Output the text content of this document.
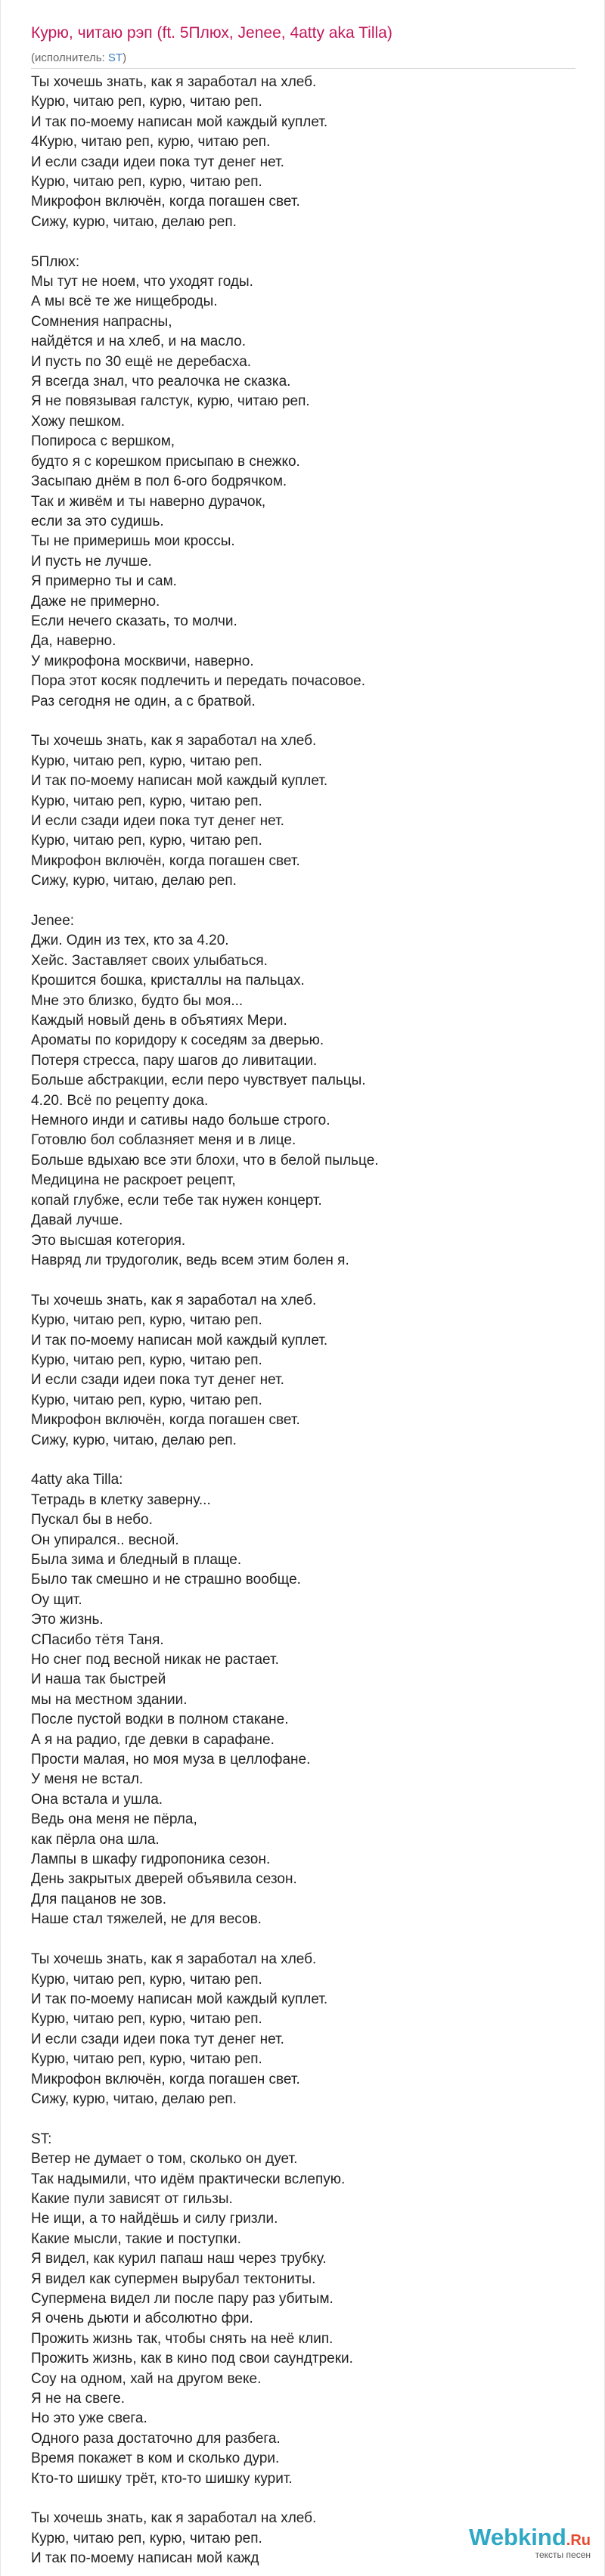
Курю, читаю рэп (ft. 5Плюх, Jenee, 4atty aka Tilla)
(исполнитель: ST)
Ты хочешь знать, как я заработал на хлеб.
Курю, читаю реп, курю, читаю реп.
И так по-моему написан мой каждый куплет.
4Курю, читаю реп, курю, читаю реп.
И если сзади идеи пока тут денег нет.
Курю, читаю реп, курю, читаю реп.
Микрофон включён, когда погашен свет.
Сижу, курю, читаю, делаю реп.
5Плюх:
Мы тут не ноем, что уходят годы.
А мы всё те же нищеброды.
Сомнения напрасны,
найдётся и на хлеб, и на масло.
И пусть по 30 ещё не деребасха.
Я всегда знал, что реалочка не сказка.
Я не повязывая галстук, курю, читаю реп.
Хожу пешком.
Попироса с вершком,
будто я с корешком присыпаю в снежко.
Засыпаю днём в пол 6-ого бодрячком.
Так и живём и ты наверно дурачок,
если за это судишь.
Ты не примеришь мои кроссы.
И пусть не лучше.
Я примерно ты и сам.
Даже не примерно.
Если нечего сказать, то молчи.
Да, наверно.
У микрофона москвичи, наверно.
Пора этот косяк подлечить и передать почасовое.
Раз сегодня не один, а с братвой.
Ты хочешь знать, как я заработал на хлеб.
Курю, читаю реп, курю, читаю реп.
И так по-моему написан мой каждый куплет.
Курю, читаю реп, курю, читаю реп.
И если сзади идеи пока тут денег нет.
Курю, читаю реп, курю, читаю реп.
Микрофон включён, когда погашен свет.
Сижу, курю, читаю, делаю реп.
Jenee:
Джи. Один из тех, кто за 4.20.
Хейс. Заставляет своих улыбаться.
Крошится бошка, кристаллы на пальцах.
Мне это близко, будто бы моя...
Каждый новый день в объятиях Мери.
Ароматы по коридору к соседям за дверью.
Потеря стресса, пару шагов до ливитации.
Больше абстракции, если перо чувствует пальцы.
4.20. Всё по рецепту дока.
Немного инди и сативы надо больше строго.
Готовлю бол соблазняет меня и в лице.
Больше вдыхаю все эти блохи, что в белой пыльце.
Медицина не раскроет рецепт,
копай глубже, если тебе так нужен концерт.
Давай лучше.
Это высшая котегория.
Навряд ли трудоголик, ведь всем этим болен я.
Ты хочешь знать, как я заработал на хлеб.
Курю, читаю реп, курю, читаю реп.
И так по-моему написан мой каждый куплет.
Курю, читаю реп, курю, читаю реп.
И если сзади идеи пока тут денег нет.
Курю, читаю реп, курю, читаю реп.
Микрофон включён, когда погашен свет.
Сижу, курю, читаю, делаю реп.
4atty aka Tilla:
Тетрадь в клетку заверну...
Пускал бы в небо.
Он упирался.. весной.
Была зима и бледный в плаще.
Было так смешно и не страшно вообще.
Оу щит.
Это жизнь.
СПасибо тётя Таня.
Но снег под весной никак не растает.
И наша так быстрей
мы на местном здании.
После пустой водки в полном стакане.
А я на радио, где девки в сарафане.
Прости малая, но моя муза в целлофане.
У меня не встал.
Она встала и ушла.
Ведь она меня не пёрла,
как пёрла она шла.
Лампы в шкафу гидропоника сезон.
День закрытых дверей объявила сезон.
Для пацанов не зов.
Наше стал тяжелей, не для весов.
Ты хочешь знать, как я заработал на хлеб.
Курю, читаю реп, курю, читаю реп.
И так по-моему написан мой каждый куплет.
Курю, читаю реп, курю, читаю реп.
И если сзади идеи пока тут денег нет.
Курю, читаю реп, курю, читаю реп.
Микрофон включён, когда погашен свет.
Сижу, курю, читаю, делаю реп.
ST:
Ветер не думает о том, сколько он дует.
Так надымили, что идём практически вслепую.
Какие пули зависят от гильзы.
Не ищи, а то найдёшь и силу гризли.
Какие мысли, такие и поступки.
Я видел, как курил папаш наш через трубку.
Я видел как супермен вырубал тектониты.
Супермена видел ли после пару раз убитым.
Я очень дьюти и абсолютно фри.
Прожить жизнь так, чтобы снять на неё клип.
Прожить жизнь, как в кино под свои саундтреки.
Соу на одном, хай на другом веке.
Я не на свеге.
Но это уже свега.
Одного раза достаточно для разбега.
Время покажет в ком и сколько дури.
Кто-то шишку трёт, кто-то шишку курит.
Ты хочешь знать, как я заработал на хлеб.
Курю, читаю реп, курю, читаю реп.
И так по-моему написан мой кажд
Webkind.Ru
тексты песен
